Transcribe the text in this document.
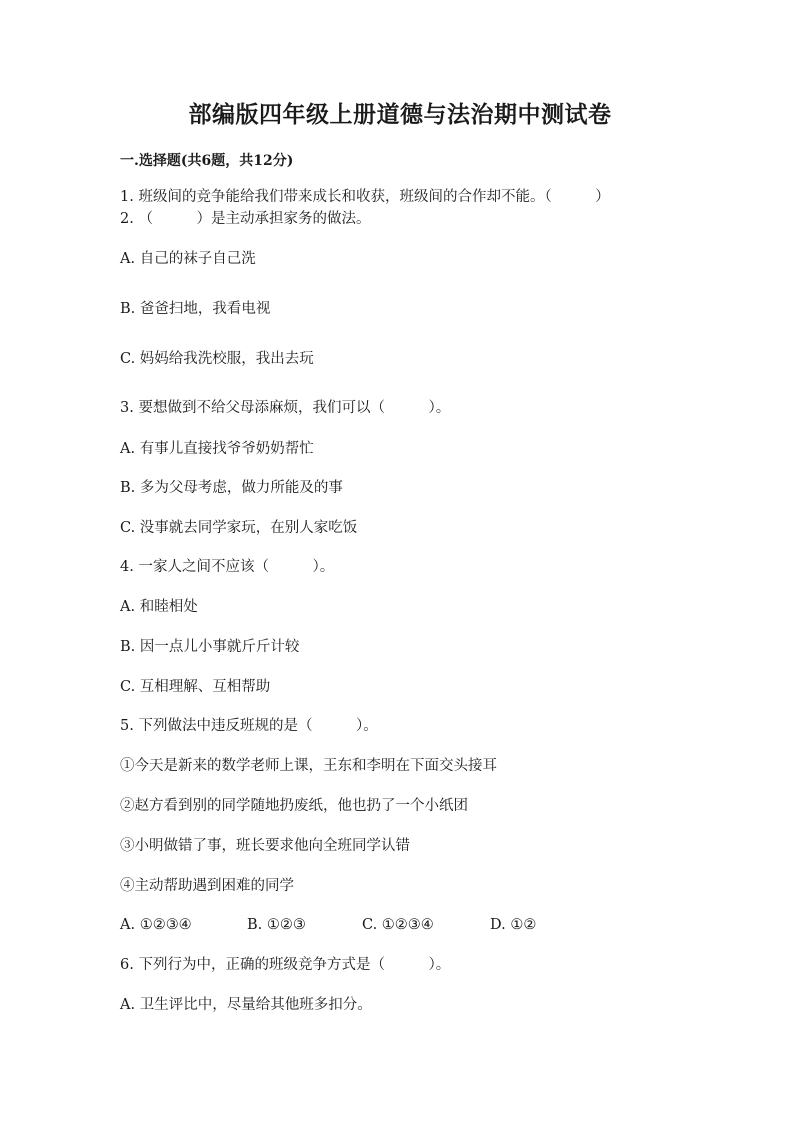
部编版四年级上册道德与法治期中测试卷
一.选择题(共6题，共12分)
1. 班级间的竞争能给我们带来成长和收获，班级间的合作却不能。（　　　）
2. （　　　）是主动承担家务的做法。
A. 自己的袜子自己洗
B. 爸爸扫地，我看电视
C. 妈妈给我洗校服，我出去玩
3. 要想做到不给父母添麻烦，我们可以（　　　）。
A. 有事儿直接找爷爷奶奶帮忙
B. 多为父母考虑，做力所能及的事
C. 没事就去同学家玩，在别人家吃饭
4. 一家人之间不应该（　　　）。
A. 和睦相处
B. 因一点儿小事就斤斤计较
C. 互相理解、互相帮助
5. 下列做法中违反班规的是（　　　）。
①今天是新来的数学老师上课，王东和李明在下面交头接耳
②赵方看到别的同学随地扔废纸，他也扔了一个小纸团
③小明做错了事，班长要求他向全班同学认错
④主动帮助遇到困难的同学
A. ①②③④	B. ①②③	C. ①②③④	D. ①②
6. 下列行为中，正确的班级竞争方式是（　　　）。
A. 卫生评比中，尽量给其他班多扣分。
